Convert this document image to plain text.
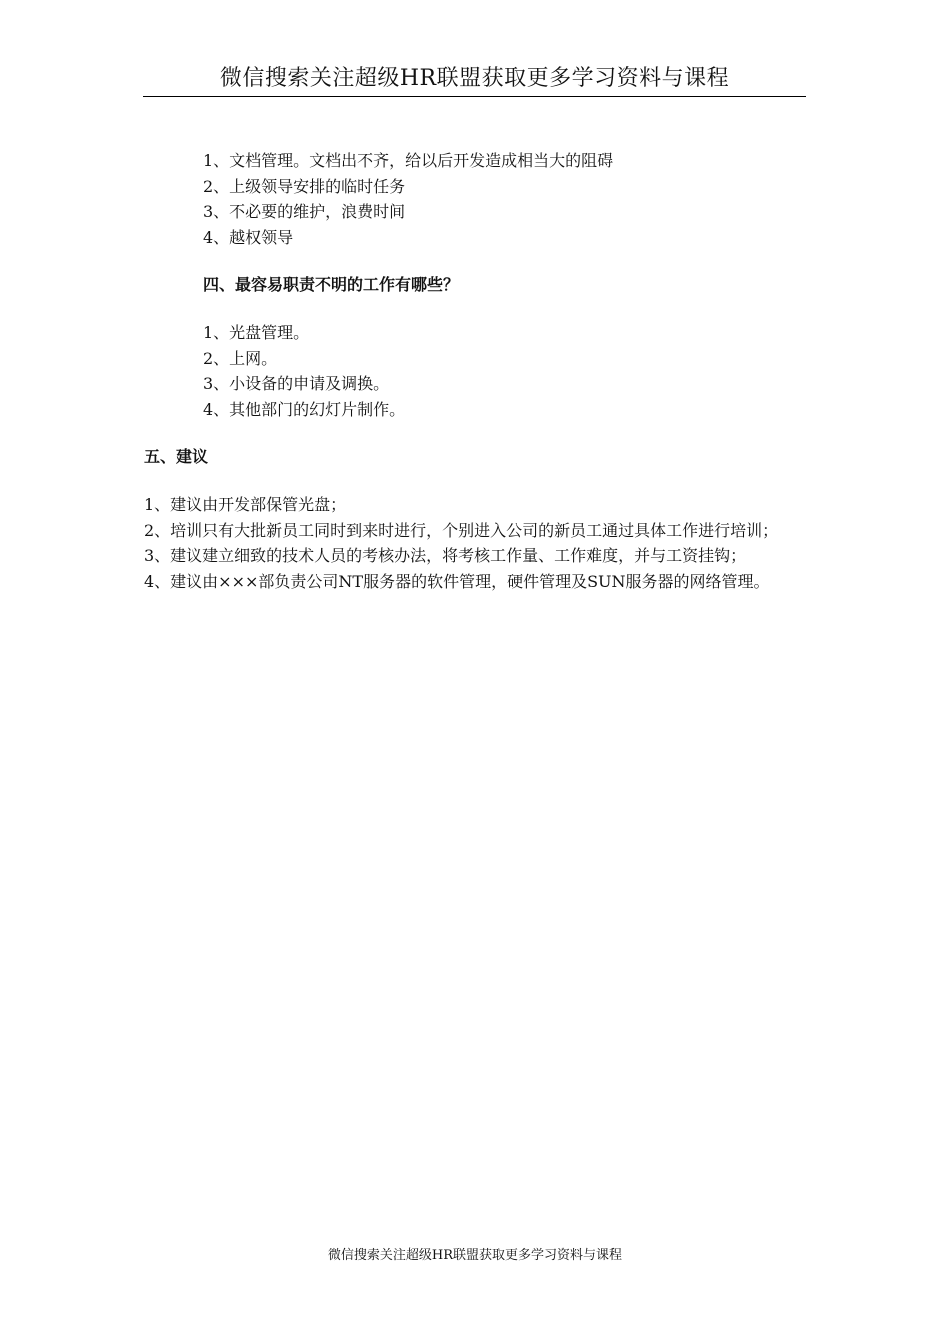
微信搜索关注超级HR联盟获取更多学习资料与课程
1、文档管理。文档出不齐，给以后开发造成相当大的阻碍
2、上级领导安排的临时任务
3、不必要的维护，浪费时间
4、越权领导
四、最容易职责不明的工作有哪些？
1、光盘管理。
2、上网。
3、小设备的申请及调换。
4、其他部门的幻灯片制作。
五、建议
1、建议由开发部保管光盘；
2、培训只有大批新员工同时到来时进行，个别进入公司的新员工通过具体工作进行培训；
3、建议建立细致的技术人员的考核办法，将考核工作量、工作难度，并与工资挂钩；
4、建议由×××部负责公司NT服务器的软件管理，硬件管理及SUN服务器的网络管理。
微信搜索关注超级HR联盟获取更多学习资料与课程
